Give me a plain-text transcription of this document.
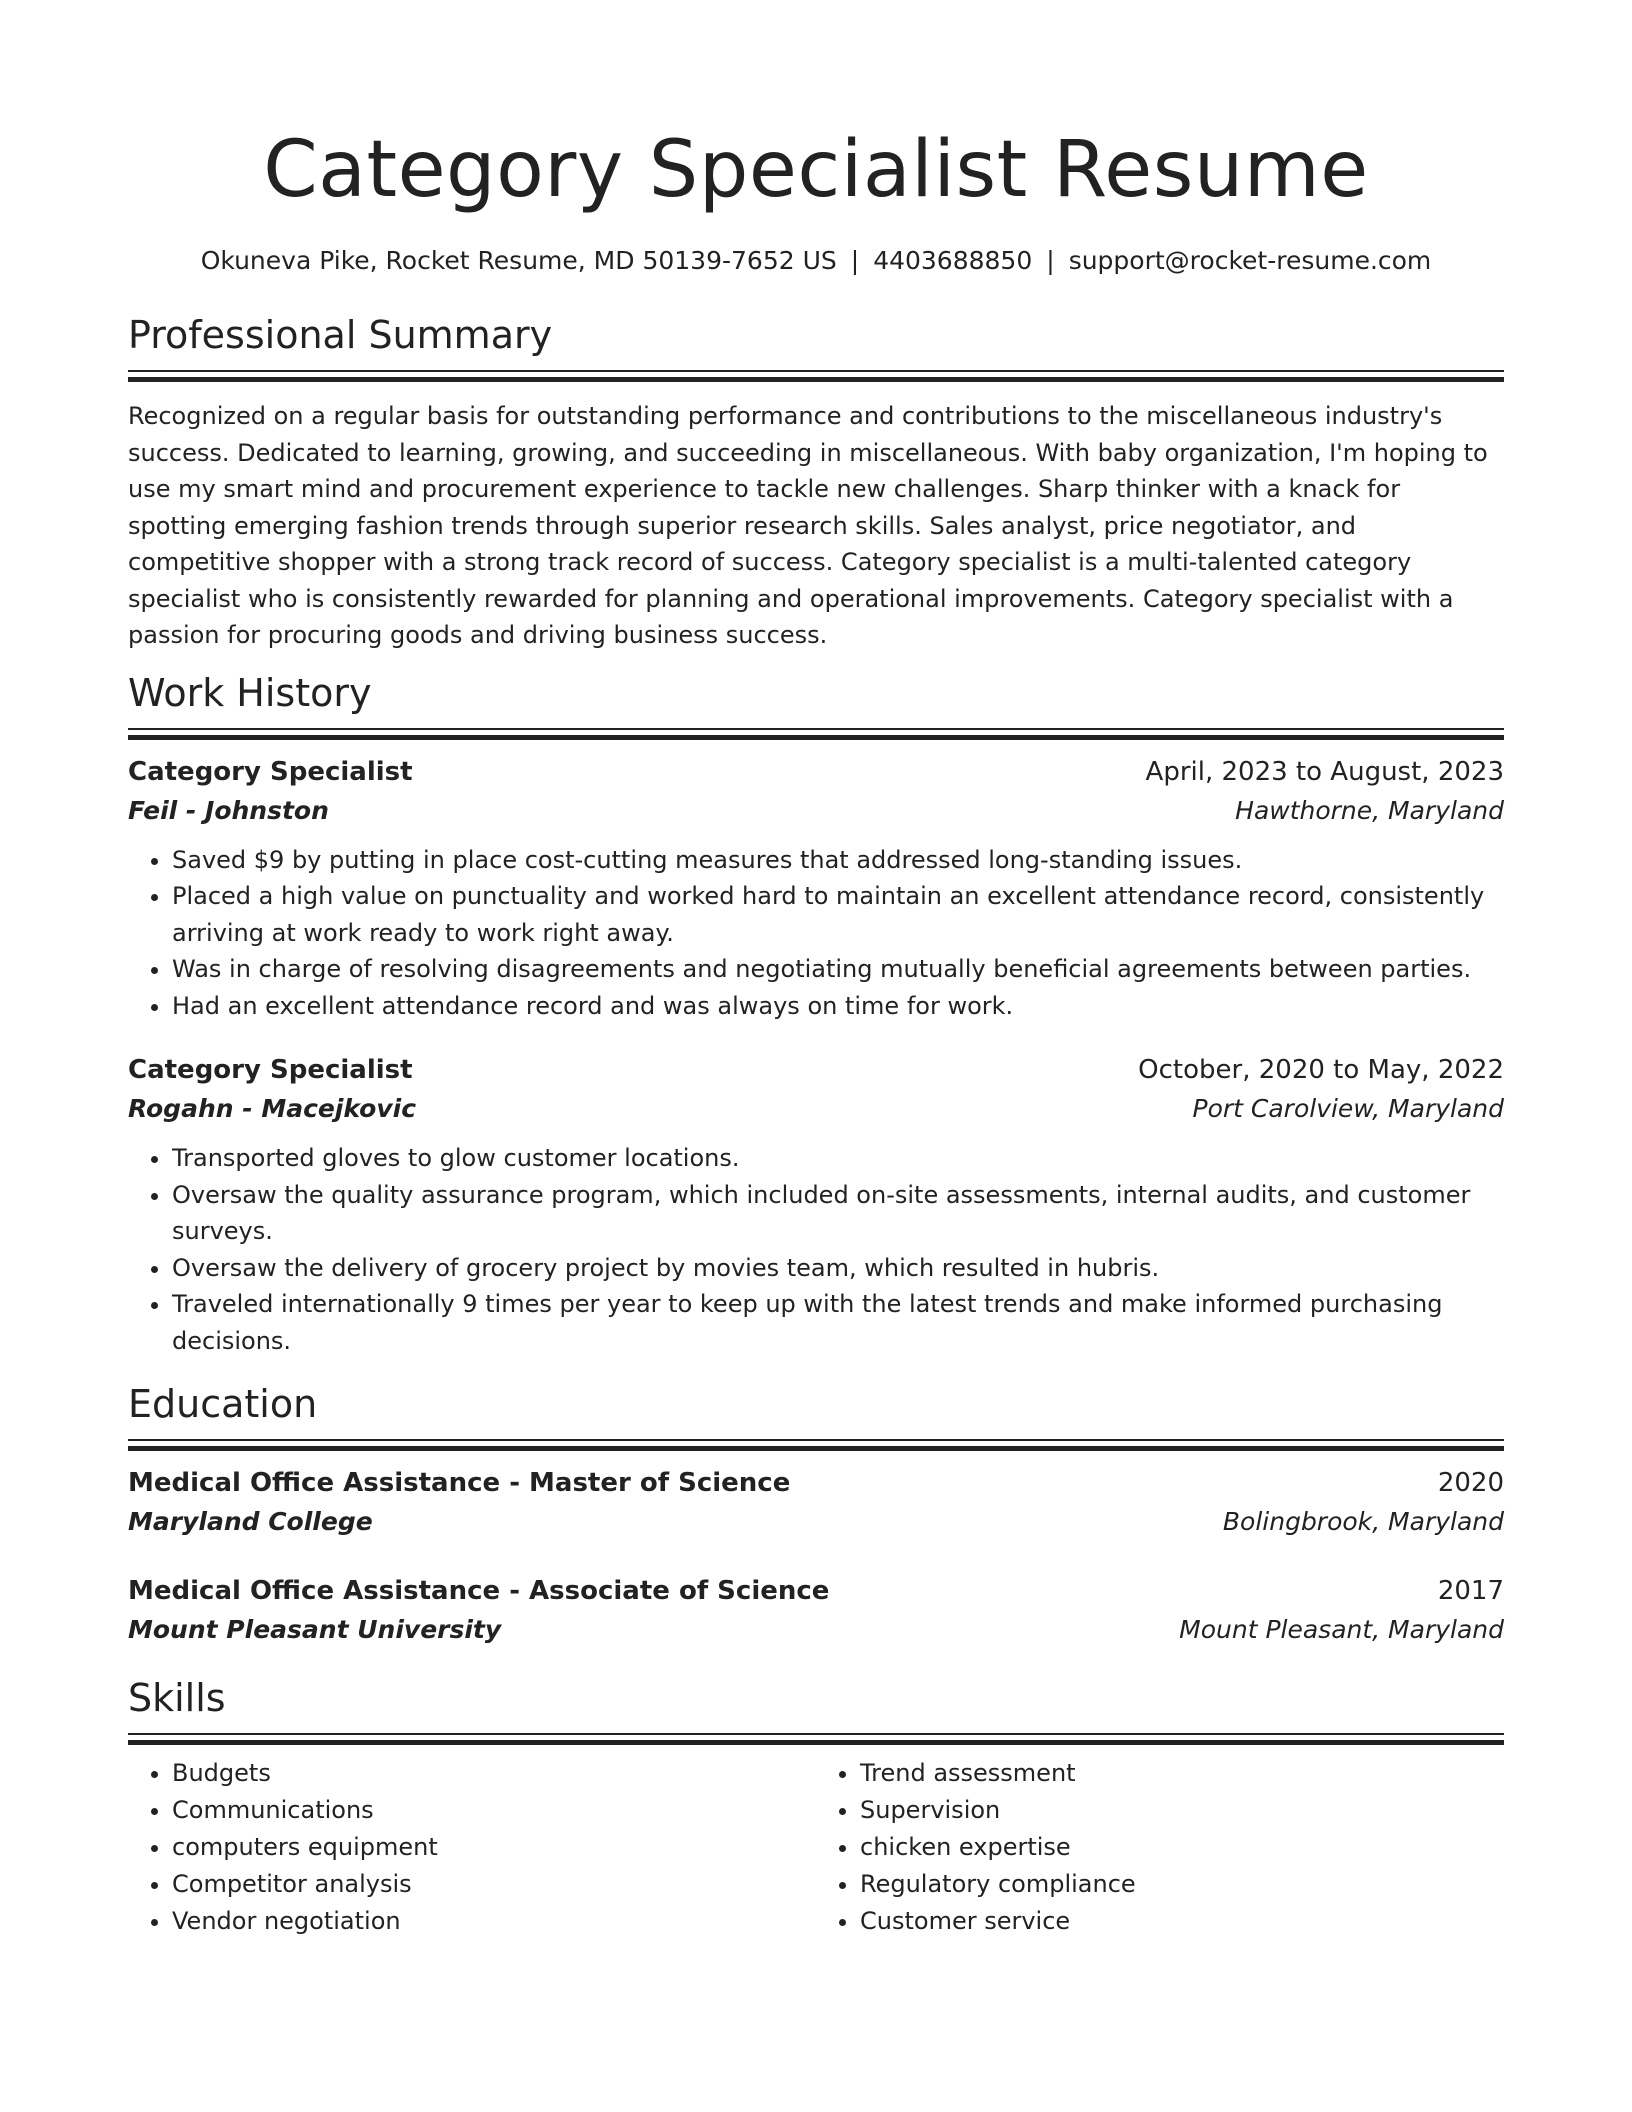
Category Specialist Resume
Okuneva Pike, Rocket Resume, MD 50139-7652 US | 4403688850 | support@rocket-resume.com
Professional Summary

Recognized on a regular basis for outstanding performance and contributions to the miscellaneous industry's success. Dedicated to learning, growing, and succeeding in miscellaneous. With baby organization, I'm hoping to use my smart mind and procurement experience to tackle new challenges. Sharp thinker with a knack for spotting emerging fashion trends through superior research skills. Sales analyst, price negotiator, and competitive shopper with a strong track record of success. Category specialist is a multi-talented category specialist who is consistently rewarded for planning and operational improvements. Category specialist with a passion for procuring goods and driving business success.

Work History
Category Specialist	April, 2023 to August, 2023
Feil - Johnston	Hawthorne, Maryland
• Saved $9 by putting in place cost-cutting measures that addressed long-standing issues.
• Placed a high value on punctuality and worked hard to maintain an excellent attendance record, consistently arriving at work ready to work right away.
• Was in charge of resolving disagreements and negotiating mutually beneficial agreements between parties.
• Had an excellent attendance record and was always on time for work.
Category Specialist	October, 2020 to May, 2022
Rogahn - Macejkovic	Port Carolview, Maryland
• Transported gloves to glow customer locations.
• Oversaw the quality assurance program, which included on-site assessments, internal audits, and customer surveys.
• Oversaw the delivery of grocery project by movies team, which resulted in hubris.
• Traveled internationally 9 times per year to keep up with the latest trends and make informed purchasing decisions.
Education
Medical Office Assistance - Master of Science	2020
Maryland College	Bolingbrook, Maryland
Medical Office Assistance - Associate of Science	2017
Mount Pleasant University	Mount Pleasant, Maryland
Skills
• Budgets
• Communications
• computers equipment
• Competitor analysis
• Vendor negotiation
• Trend assessment
• Supervision
• chicken expertise
• Regulatory compliance
• Customer service
